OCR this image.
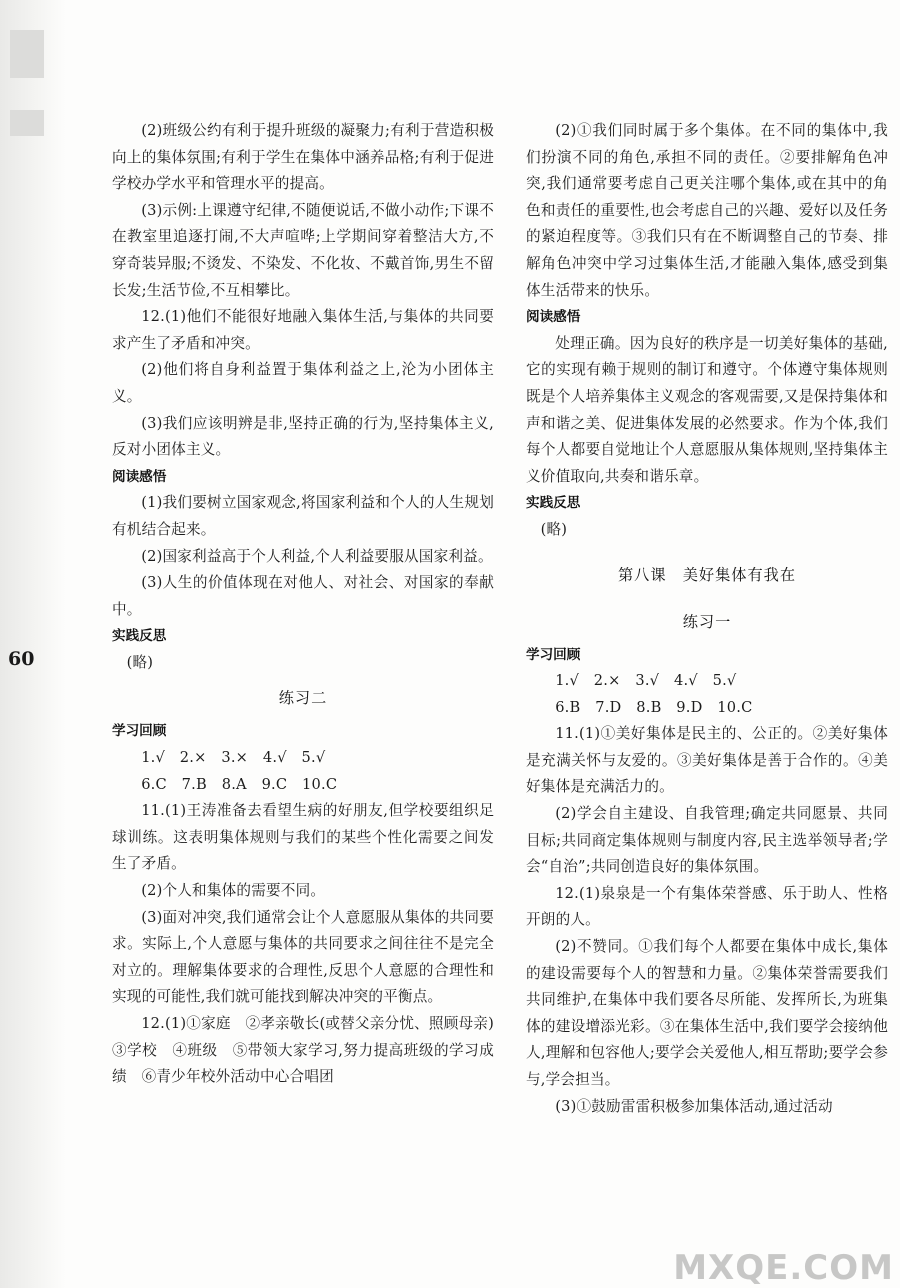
60
(2)班级公约有利于提升班级的凝聚力;有利于营造积极向上的集体氛围;有利于学生在集体中涵养品格;有利于促进学校办学水平和管理水平的提高。
(3)示例:上课遵守纪律,不随便说话,不做小动作;下课不在教室里追逐打闹,不大声喧哗;上学期间穿着整洁大方,不穿奇装异服;不烫发、不染发、不化妆、不戴首饰,男生不留长发;生活节俭,不互相攀比。
12.(1)他们不能很好地融入集体生活,与集体的共同要求产生了矛盾和冲突。
(2)他们将自身利益置于集体利益之上,沦为小团体主义。
(3)我们应该明辨是非,坚持正确的行为,坚持集体主义,反对小团体主义。
阅读感悟
(1)我们要树立国家观念,将国家利益和个人的人生规划有机结合起来。
(2)国家利益高于个人利益,个人利益要服从国家利益。
(3)人生的价值体现在对他人、对社会、对国家的奉献中。
实践反思
(略)
练习二
学习回顾
1.√　2.×　3.×　4.√　5.√
6.C　7.B　8.A　9.C　10.C
11.(1)王涛准备去看望生病的好朋友,但学校要组织足球训练。这表明集体规则与我们的某些个性化需要之间发生了矛盾。
(2)个人和集体的需要不同。
(3)面对冲突,我们通常会让个人意愿服从集体的共同要求。实际上,个人意愿与集体的共同要求之间往往不是完全对立的。理解集体要求的合理性,反思个人意愿的合理性和实现的可能性,我们就可能找到解决冲突的平衡点。
12.(1)①家庭　②孝亲敬长(或替父亲分忧、照顾母亲)　③学校　④班级　⑤带领大家学习,努力提高班级的学习成绩　⑥青少年校外活动中心合唱团
(2)①我们同时属于多个集体。在不同的集体中,我们扮演不同的角色,承担不同的责任。②要排解角色冲突,我们通常要考虑自己更关注哪个集体,或在其中的角色和责任的重要性,也会考虑自己的兴趣、爱好以及任务的紧迫程度等。③我们只有在不断调整自己的节奏、排解角色冲突中学习过集体生活,才能融入集体,感受到集体生活带来的快乐。
阅读感悟
处理正确。因为良好的秩序是一切美好集体的基础,它的实现有赖于规则的制订和遵守。个体遵守集体规则既是个人培养集体主义观念的客观需要,又是保持集体和声和谐之美、促进集体发展的必然要求。作为个体,我们每个人都要自觉地让个人意愿服从集体规则,坚持集体主义价值取向,共奏和谐乐章。
实践反思
(略)
第八课　美好集体有我在
练习一
学习回顾
1.√　2.×　3.√　4.√　5.√
6.B　7.D　8.B　9.D　10.C
11.(1)①美好集体是民主的、公正的。②美好集体是充满关怀与友爱的。③美好集体是善于合作的。④美好集体是充满活力的。
(2)学会自主建设、自我管理;确定共同愿景、共同目标;共同商定集体规则与制度内容,民主选举领导者;学会“自治”;共同创造良好的集体氛围。
12.(1)泉泉是一个有集体荣誉感、乐于助人、性格开朗的人。
(2)不赞同。①我们每个人都要在集体中成长,集体的建设需要每个人的智慧和力量。②集体荣誉需要我们共同维护,在集体中我们要各尽所能、发挥所长,为班集体的建设增添光彩。③在集体生活中,我们要学会接纳他人,理解和包容他人;要学会关爱他人,相互帮助;要学会参与,学会担当。
(3)①鼓励雷雷积极参加集体活动,通过活动
MXQE.COM
